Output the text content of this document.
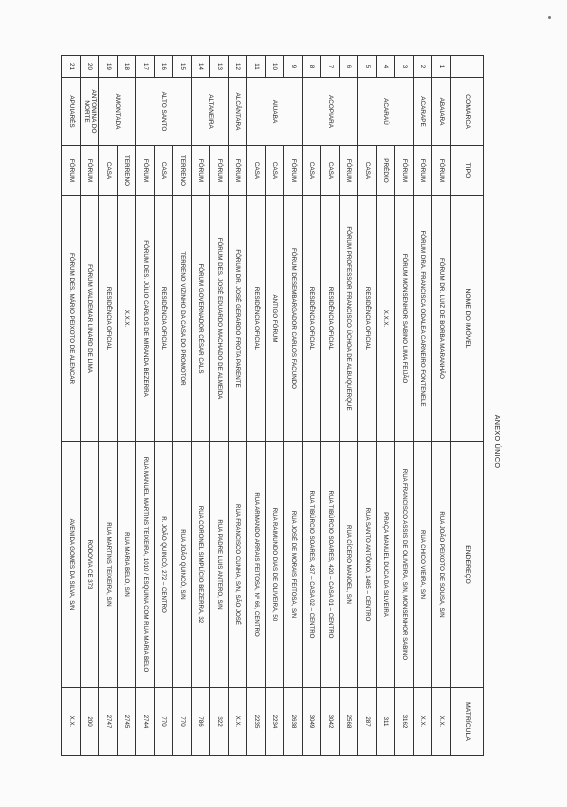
			ANEXO ÚNICO		
	COMARCA	TIPO	NOME DO IMÓVEL	ENDEREÇO	MATRÍCULA
1	ABAIARA	FÓRUM	FÓRUM DR. LUIZ DE BORBA MARANHÃO	RUA JOÃO PEIXOTO DE SOUSA, S/N	X.X.
2	ACARAPE	FÓRUM	FÓRUM DRA. FRANCISCA ODALEA CARNEIRO FONTENELE	RUA CHICO VIEIRA, S/N	X.X.
3	ACARAÚ	FÓRUM	FÓRUM MONSENHOR SABINO LIMA FEIJÃO	RUA FRANCISCO ASSIS DE OLIVEIRA, S/N, MONSENHOR SABINO	3162
4		PRÉDIO	X.X.X.	PRAÇA MANUEL DUCA DA SILVEIRA	311
5		CASA	RESIDÊNCIA OFICIAL	RUA SANTO ANTÔNIO, 1485 – CENTRO	287
6	ACOPIARA	FÓRUM	FÓRUM PROFESSOR FRANCISCO ÚCHOA DE ALBUQUERQUE	RUA CÍCERO MANOEL, S/N	2568
7		CASA	RESIDÊNCIA OFICIAL	RUA TIBÚRCIO SOARES, 420 – CASA 01 – CENTRO	3042
8		CASA	RESIDÊNCIA OFICIAL	RUA TIBÚRCIO SOARES, 437 – CASA 02 – CENTRO	3049
9	AIUABA	FÓRUM	FÓRUM DESEMBARGADOR CARLOS FACUNDO	RUA JOSÉ DE MORAIS FEITOSA, S/N	2638
10		CASA	ANTIGO FÓRUM	RUA RAIMUNDO DIAS DE OLIVEIRA, 50	2234
11		CASA	RESIDÊNCIA OFICIAL	RUA ARMANDO ARRAIS FEITOSA, Nº 66, CENTRO	2235
12	ALCÂNTARA	FÓRUM	FÓRUM DR. JOSÉ GERARDO FROTA PARENTE	RUA FRANCISCO CUNHA, S/N, SÃO JOSÉ	X.X.
13	ALTANEIRA	FÓRUM	FÓRUM DES. JOSÉ EDUARDO MACHADO DE ALMEIDA	RUA PADRE LUIS ANTERO, S/N	322
14		FÓRUM	FÓRUM GOVERNADOR CÉSAR CALS	RUA CORONEL SIMPLÍCIO BEZERRA, 32	786
15	ALTO SANTO	TERRENO	TERRENO VIZINHO DA CASA DO PROMOTOR	RUA JOÃO QUINCÓ, S/N	770
16		CASA	RESIDÊNCIA OFICIAL	R. JOÃO QUINCÓ, 272 – CENTRO	770
17		FÓRUM	FÓRUM DES. JÚLIO CARLOS DE MIRANDA BEZERRA	RUA MANUEL MARTINS TEIXEIRA, 1010 / ESQUINA COM RUA MARIA BELO	2744
18	AMONTADA	TERRENO	X.X.X.	RUA MARIA BELO, S/N	2745
19		CASA	RESIDÊNCIA OFICIAL	RUA MARTINS TEIXEIRA, S/N	2747
20	ANTONINA DO NORTE	FÓRUM	FÓRUM VALDEMAR LINARD DE LIMA	RODOVIA CE 373	200
21	APUIARÉS	FÓRUM	FÓRUM DES. MÁRIO PEIXOTO DE ALENCAR	AVENIDA GOMES DA SILVA, S/N	X.X.
